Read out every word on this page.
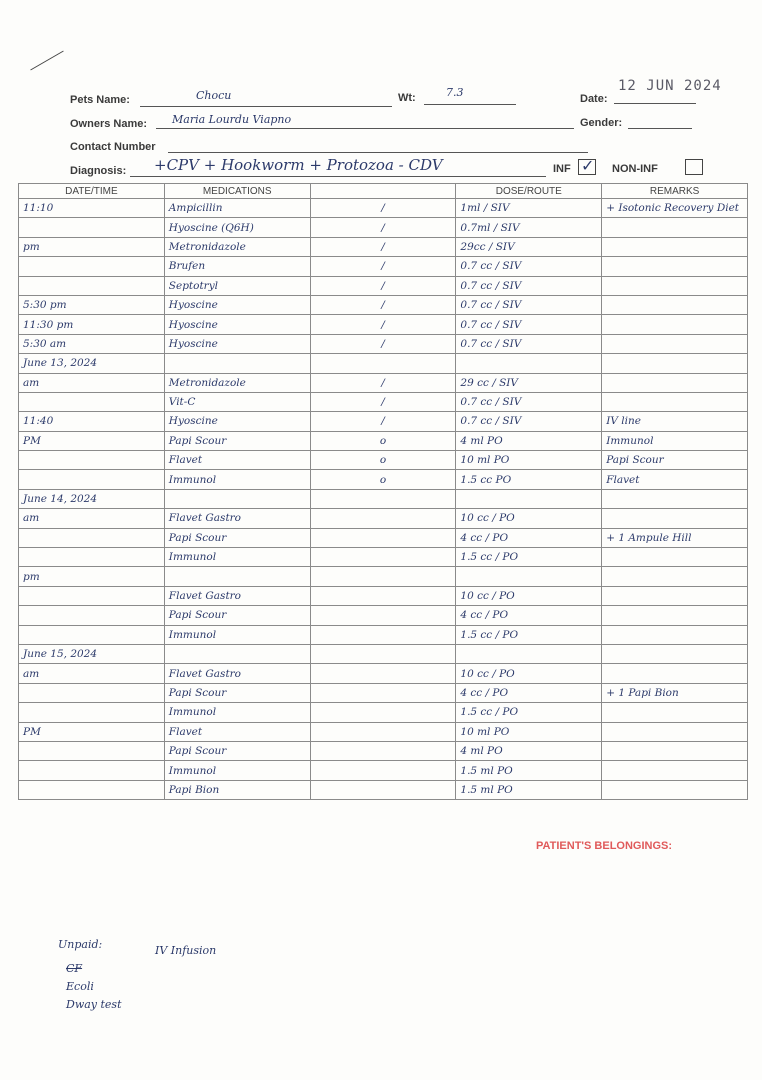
Pets Name:	Chocu	Wt:	7.3	Date:
12 JUN 2024
Owners Name: Maria Lourdu Viapno	Gender:
Contact Number
Diagnosis: +CPV + Hookworm + Protozoa - CDV	INF ✓ NON-INF
DATE/TIME	MEDICATIONS		DOSE/ROUTE	REMARKS
11:10	Ampicillin	/	1ml / SIV	+ Isotonic Recovery Diet
	Hyoscine (Q6H)	/	0.7ml / SIV	
pm	Metronidazole	/	29cc / SIV	
	Brufen	/	0.7 cc / SIV	
	Septotryl	/	0.7 cc / SIV	
5:30 pm	Hyoscine	/	0.7 cc / SIV	
11:30 pm	Hyoscine	/	0.7 cc / SIV	
5:30 am	Hyoscine	/	0.7 cc / SIV	
June 13, 2024				
am	Metronidazole	/	29 cc / SIV	
	Vit-C	/	0.7 cc / SIV	
11:40	Hyoscine	/	0.7 cc / SIV	IV line
PM	Papi Scour	o	4 ml PO	Immunol
	Flavet	o	10 ml PO	Papi Scour
	Immunol	o	1.5 cc PO	Flavet
June 14, 2024				
am	Flavet Gastro		10 cc / PO	
	Papi Scour		4 cc / PO	+ 1 Ampule Hill
	Immunol		1.5 cc / PO	
pm				
	Flavet Gastro		10 cc / PO	
	Papi Scour		4 cc / PO	
	Immunol		1.5 cc / PO	
June 15, 2024				
am	Flavet Gastro		10 cc / PO	
	Papi Scour		4 cc / PO	+ 1 Papi Bion
	Immunol		1.5 cc / PO	
PM	Flavet		10 ml PO	
	Papi Scour		4 ml PO	
	Immunol		1.5 ml PO	
	Papi Bion		1.5 ml PO	
PATIENT'S BELONGINGS:
Unpaid:	IV Infusion
CF
Ecoli
Dway test
